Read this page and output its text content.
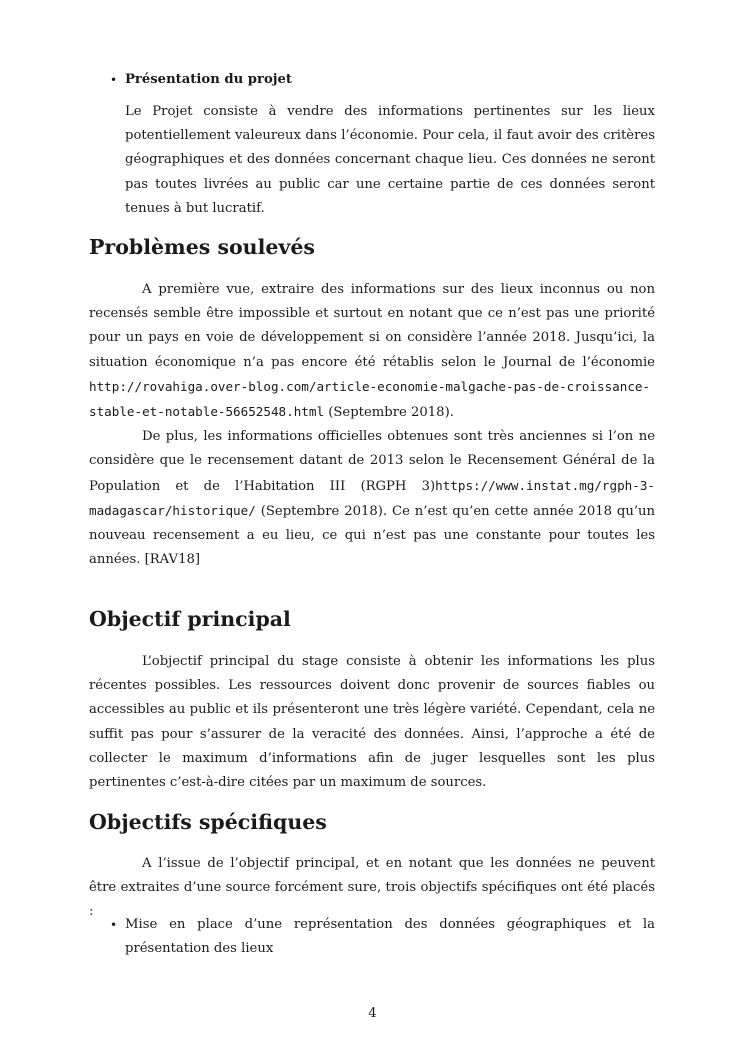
• Présentation du projet

Le Projet consiste à vendre des informations pertinentes sur les lieux potentiellement valeureux dans l’économie. Pour cela, il faut avoir des critères géographiques et des données concernant chaque lieu. Ces données ne seront pas toutes livrées au public car une certaine partie de ces données seront tenues à but lucratif.

Problèmes soulevés

A première vue, extraire des informations sur des lieux inconnus ou non recensés semble être impossible et surtout en notant que ce n’est pas une priorité pour un pays en voie de développement si on considère l’année 2018. Jusqu’ici, la situation économique n’a pas encore été rétablis selon le Journal de l’économie http://rovahiga.over-blog.com/article-economie-malgache-pas-de-croissance-stable-et-notable-56652548.html (Septembre 2018).

De plus, les informations officielles obtenues sont très anciennes si l’on ne considère que le recensement datant de 2013 selon le Recensement Général de la Population et de l’Habitation III (RGPH 3)https://www.instat.mg/rgph-3-madagascar/historique/ (Septembre 2018). Ce n’est qu’en cette année 2018 qu’un nouveau recensement a eu lieu, ce qui n’est pas une constante pour toutes les années. [RAV18]

Objectif principal

L’objectif principal du stage consiste à obtenir les informations les plus récentes possibles. Les ressources doivent donc provenir de sources fiables ou accessibles au public et ils présenteront une très légère variété. Cependant, cela ne suffit pas pour s’assurer de la veracité des données. Ainsi, l’approche a été de collecter le maximum d’informations afin de juger lesquelles sont les plus pertinentes c’est-à-dire citées par un maximum de sources.

Objectifs spécifiques

A l’issue de l’objectif principal, et en notant que les données ne peuvent être extraites d’une source forcément sure, trois objectifs spécifiques ont été placés :

• Mise en place d’une représentation des données géographiques et la présentation des lieux

4
